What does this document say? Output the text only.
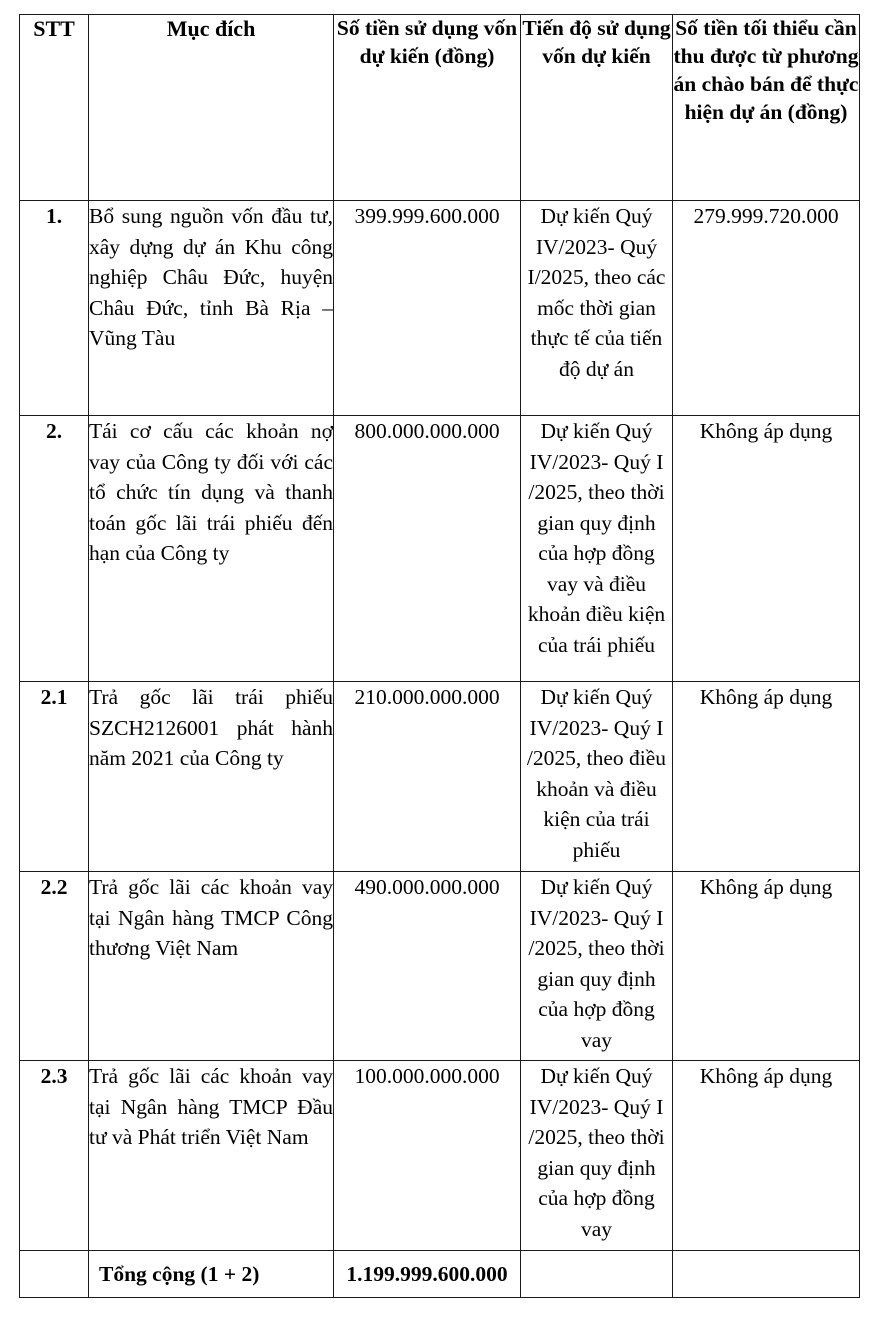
STT	Mục đích	Số tiền sử dụng vốn dự kiến (đồng)	Tiến độ sử dụng vốn dự kiến	Số tiền tối thiểu cần thu được từ phương án chào bán để thực hiện dự án (đồng)
1.	Bổ sung nguồn vốn đầu tư, xây dựng dự án Khu công nghiệp Châu Đức, huyện Châu Đức, tỉnh Bà Rịa – Vũng Tàu	399.999.600.000	Dự kiến Quý IV/2023- Quý I/2025, theo các mốc thời gian thực tế của tiến độ dự án	279.999.720.000
2.	Tái cơ cấu các khoản nợ vay của Công ty đối với các tổ chức tín dụng và thanh toán gốc lãi trái phiếu đến hạn của Công ty	800.000.000.000	Dự kiến Quý IV/2023- Quý I /2025, theo thời gian quy định của hợp đồng vay và điều khoản điều kiện của trái phiếu	Không áp dụng
2.1	Trả gốc lãi trái phiếu SZCH2126001 phát hành năm 2021 của Công ty	210.000.000.000	Dự kiến Quý IV/2023- Quý I /2025, theo điều khoản và điều kiện của trái phiếu	Không áp dụng
2.2	Trả gốc lãi các khoản vay tại Ngân hàng TMCP Công thương Việt Nam	490.000.000.000	Dự kiến Quý IV/2023- Quý I /2025, theo thời gian quy định của hợp đồng vay	Không áp dụng
2.3	Trả gốc lãi các khoản vay tại Ngân hàng TMCP Đầu tư và Phát triển Việt Nam	100.000.000.000	Dự kiến Quý IV/2023- Quý I /2025, theo thời gian quy định của hợp đồng vay	Không áp dụng
	Tổng cộng (1 + 2)	1.199.999.600.000		
